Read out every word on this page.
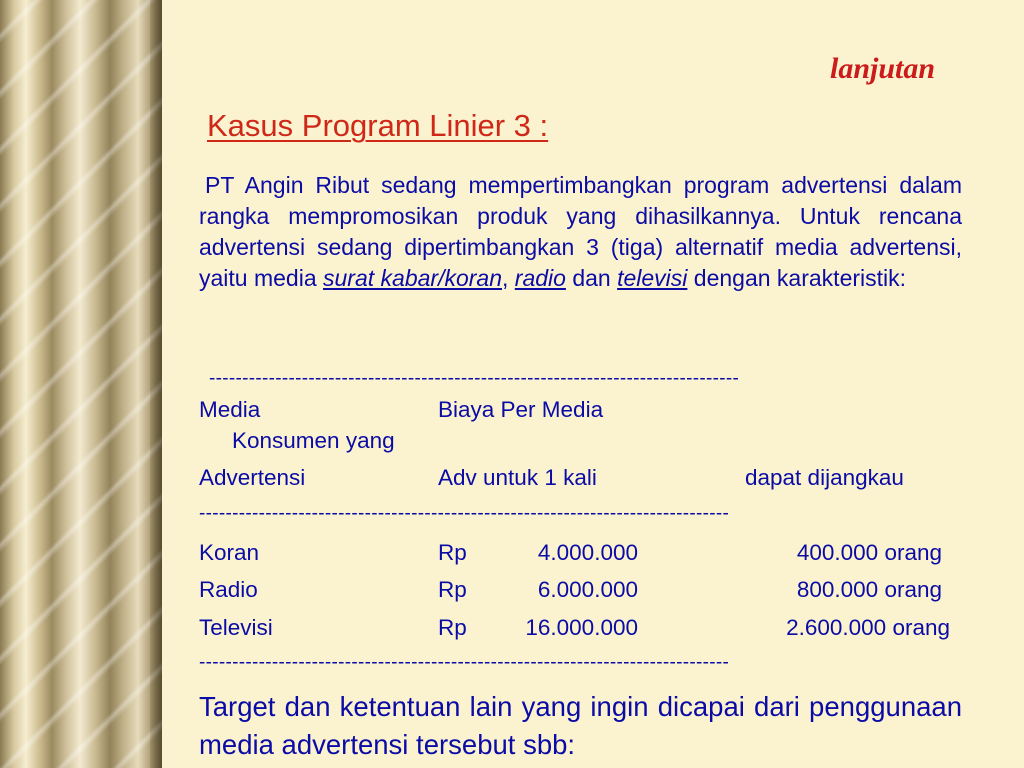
lanjutan
Kasus Program Linier 3 :
PT Angin Ribut sedang mempertimbangkan program advertensi dalam rangka mempromosikan produk yang dihasilkannya. Untuk rencana advertensi sedang dipertimbangkan 3 (tiga) alternatif media advertensi, yaitu media surat kabar/koran, radio dan televisi dengan karakteristik:
--------------------------------------------------------------------------------
Media	Biaya Per Media
Konsumen yang
Advertensi	Adv untuk 1 kali	dapat dijangkau
--------------------------------------------------------------------------------
Koran	Rp	4.000.000	400.000 orang
Radio	Rp	6.000.000	800.000 orang
Televisi	Rp	16.000.000	2.600.000 orang
--------------------------------------------------------------------------------
Target dan ketentuan lain yang ingin dicapai dari penggunaan media advertensi tersebut sbb:
